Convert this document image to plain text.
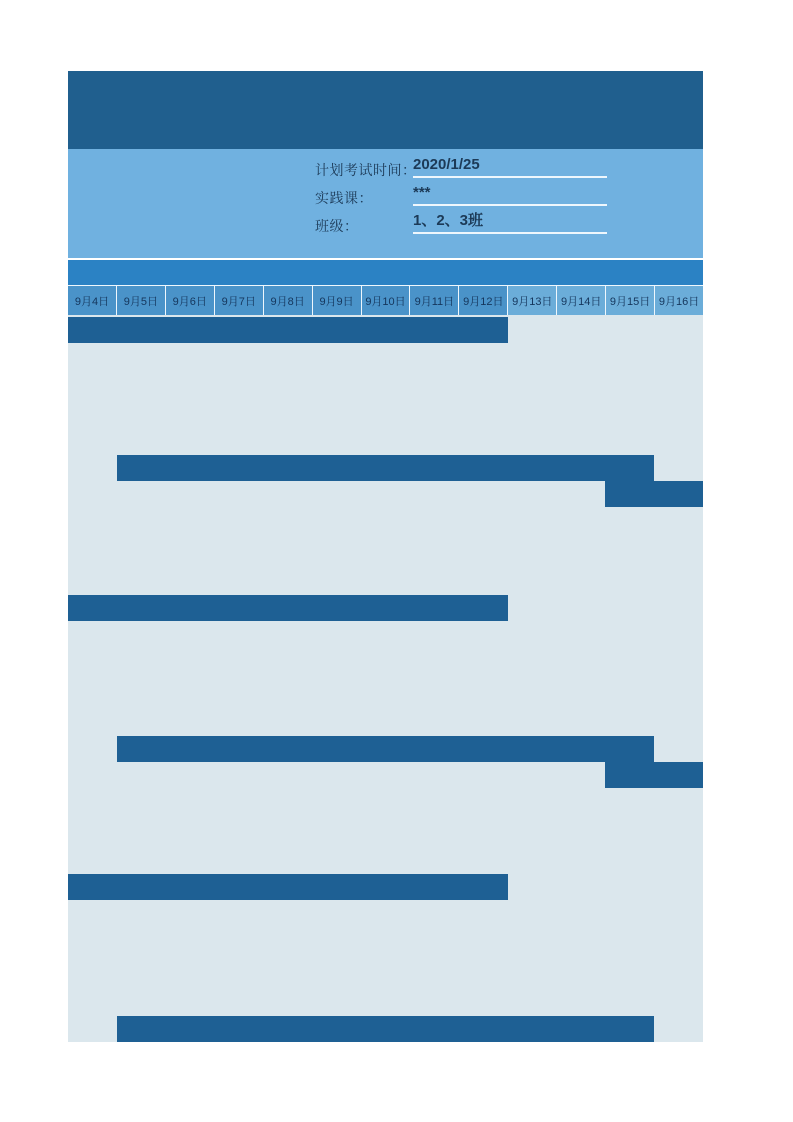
计划考试时间：
2020/1/25
实践课：	***
班级：	1、2、3班
9月4日	9月5日	9月6日	9月7日	9月8日	9月9日	9月10日 9月11日 9月12日 9月13日 9月14日 9月15日 9月16日
